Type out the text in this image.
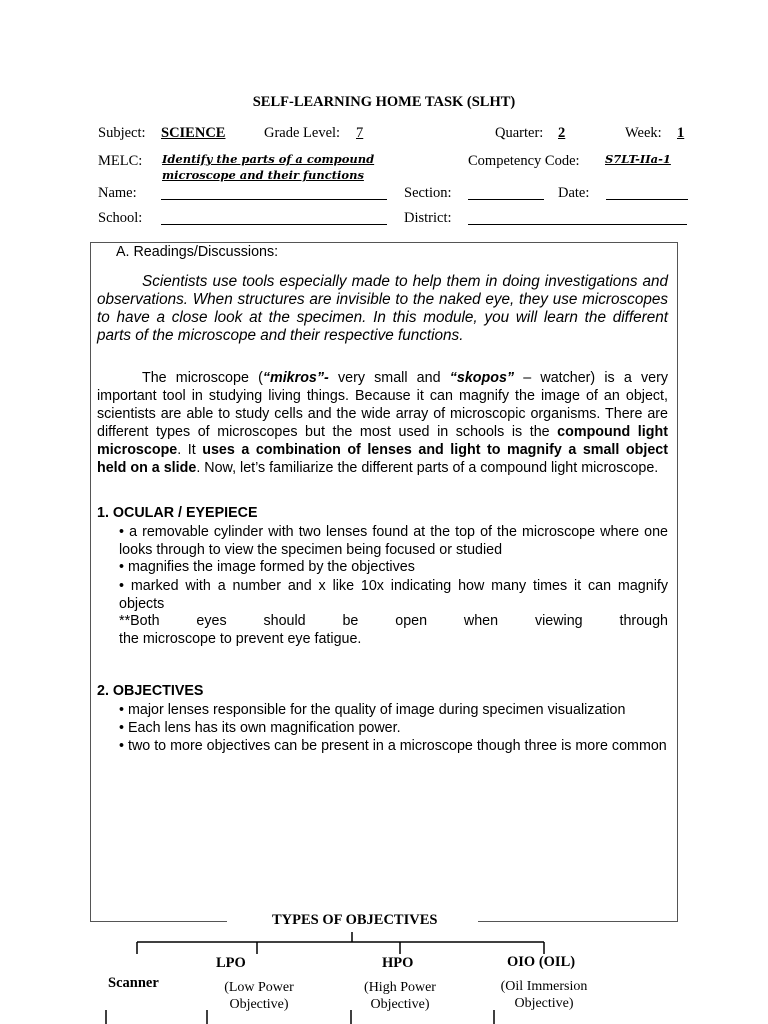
SELF-LEARNING HOME TASK (SLHT)
Subject: SCIENCE	Grade Level: 7	Quarter: 2	Week: 1
MELC: Identify the parts of a compound
microscope and their functions
Competency Code: S7LT-IIa-1
Name:	Section:	Date:
School:	District:
A. Readings/Discussions:
Scientists use tools especially made to help them in doing investigations and observations. When structures are invisible to the naked eye, they use microscopes to have a close look at the specimen. In this module, you will learn the different parts of the microscope and their respective functions.
The microscope (“mikros”- very small and “skopos” – watcher) is a very important tool in studying living things. Because it can magnify the image of an object, scientists are able to study cells and the wide array of microscopic organisms. There are different types of microscopes but the most used in schools is the compound light microscope. It uses a combination of lenses and light to magnify a small object held on a slide. Now, let’s familiarize the different parts of a compound light microscope.
1. OCULAR / EYEPIECE
• a removable cylinder with two lenses found at the top of the microscope where one looks through to view the specimen being focused or studied
• magnifies the image formed by the objectives
• marked with a number and x like 10x indicating how many times it can magnify objects
**Both eyes should be open when viewing through
the microscope to prevent eye fatigue.
2. OBJECTIVES
• major lenses responsible for the quality of image during specimen visualization
• Each lens has its own magnification power.
• two to more objectives can be present in a microscope though three is more common
TYPES OF OBJECTIVES
Scanner
LPO
(Low Power Objective)
HPO
(High Power Objective)
OIO (OIL)
(Oil Immersion Objective)
